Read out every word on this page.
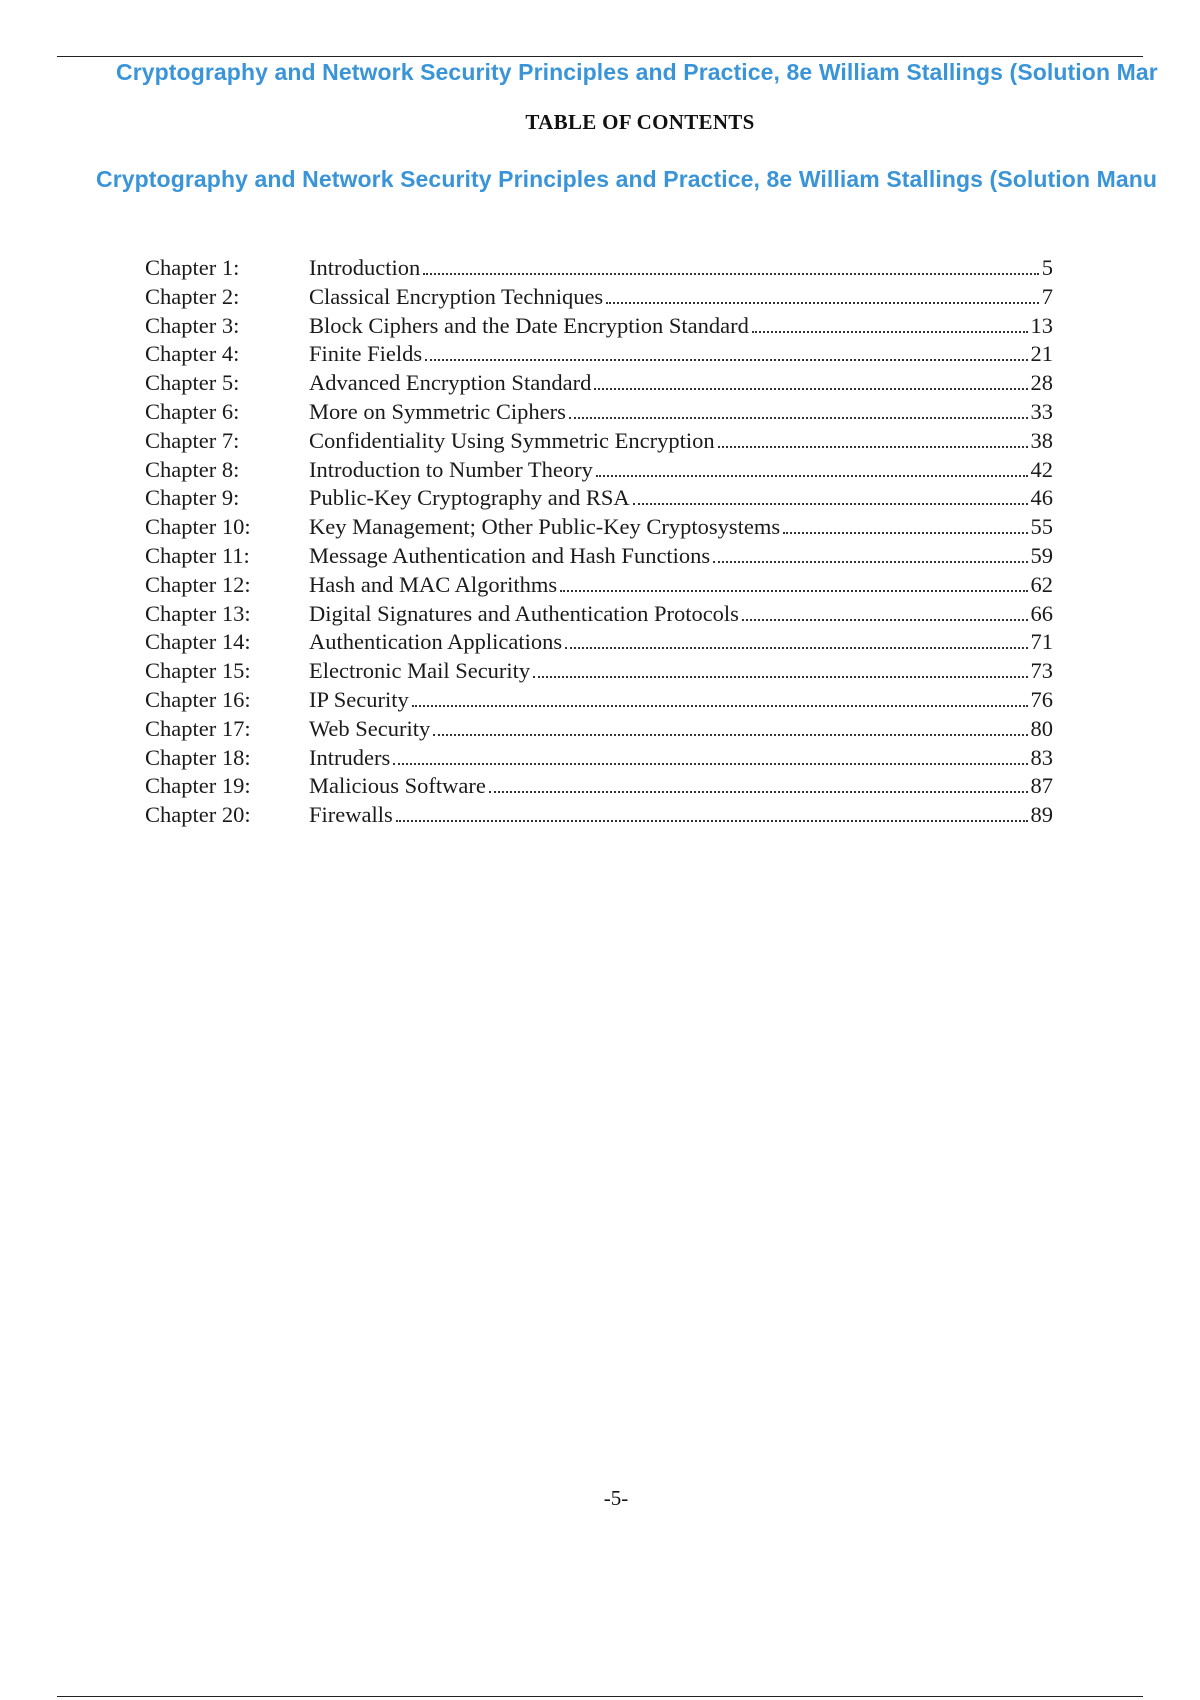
Cryptography and Network Security Principles and Practice, 8e William Stallings (Solution Mar
TABLE OF CONTENTS
Cryptography and Network Security Principles and Practice, 8e William Stallings (Solution Manu
Chapter 1:	Introduction	5
Chapter 2:	Classical Encryption Techniques	7
Chapter 3:	Block Ciphers and the Date Encryption Standard	13
Chapter 4:	Finite Fields	21
Chapter 5:	Advanced Encryption Standard	28
Chapter 6:	More on Symmetric Ciphers	33
Chapter 7:	Confidentiality Using Symmetric Encryption	38
Chapter 8:	Introduction to Number Theory	42
Chapter 9:	Public-Key Cryptography and RSA	46
Chapter 10:	Key Management; Other Public-Key Cryptosystems	55
Chapter 11:	Message Authentication and Hash Functions	59
Chapter 12:	Hash and MAC Algorithms	62
Chapter 13:	Digital Signatures and Authentication Protocols	66
Chapter 14:	Authentication Applications	71
Chapter 15:	Electronic Mail Security	73
Chapter 16:	IP Security	76
Chapter 17:	Web Security	80
Chapter 18:	Intruders	83
Chapter 19:	Malicious Software	87
Chapter 20:	Firewalls	89
-5-
